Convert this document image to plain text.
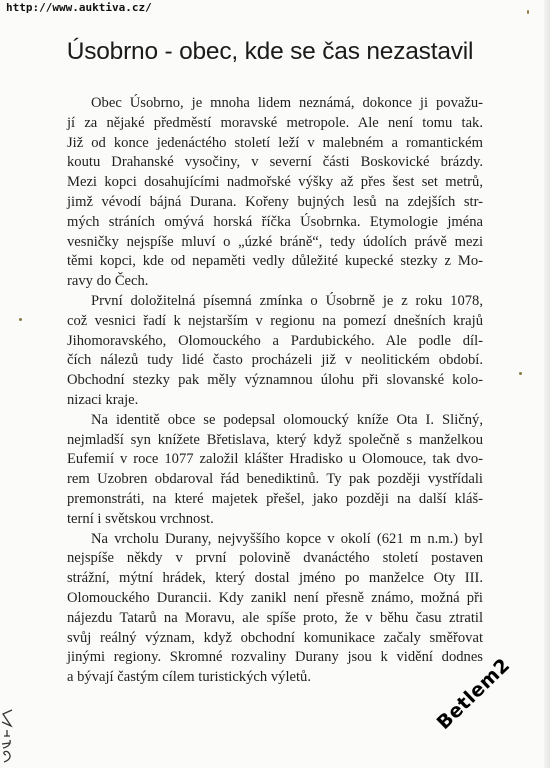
http://www.auktiva.cz/
Úsobrno - obec, kde se čas nezastavil

Obec Úsobrno, je mnoha lidem neznámá, dokonce ji považu-
jí za nějaké předměstí moravské metropole. Ale není tomu tak.
Již od konce jedenáctého století leží v malebném a romantickém
koutu Drahanské vysočiny, v severní části Boskovické brázdy.
Mezi kopci dosahujícími nadmořské výšky až přes šest set metrů,
jimž vévodí bájná Durana. Kořeny bujných lesů na zdejších str-
mých stráních omývá horská říčka Úsobrnka. Etymologie jména
vesničky nejspíše mluví o „úzké bráně“, tedy údolích právě mezi
těmi kopci, kde od nepaměti vedly důležité kupecké stezky z Mo-
ravy do Čech.

První doložitelná písemná zmínka o Úsobrně je z roku 1078,
což vesnici řadí k nejstarším v regionu na pomezí dnešních krajů
Jihomoravského, Olomouckého a Pardubického. Ale podle díl-
čích nálezů tudy lidé často procházeli již v neolitickém období.
Obchodní stezky pak měly významnou úlohu při slovanské kolo-
nizaci kraje.

Na identitě obce se podepsal olomoucký kníže Ota I. Sličný,
nejmladší syn knížete Břetislava, který když společně s manželkou
Eufemií v roce 1077 založil klášter Hradisko u Olomouce, tak dvo-
rem Uzobren obdaroval řád benediktinů. Ty pak později vystřídali
premonstráti, na které majetek přešel, jako později na další kláš-
terní i světskou vrchnost.

Na vrcholu Durany, nejvyššího kopce v okolí (621 m n.m.) byl
nejspíše někdy v první polovině dvanáctého století postaven
strážní, mýtní hrádek, který dostal jméno po manželce Oty III.
Olomouckého Durancii. Kdy zanikl není přesně známo, možná při
nájezdu Tatarů na Moravu, ale spíše proto, že v běhu času ztratil
svůj reálný význam, když obchodní komunikace začaly směřovat
jinými regiony. Skromné rozvaliny Durany jsou k vidění dodnes
a bývají častým cílem turistických výletů.	Betlem2
